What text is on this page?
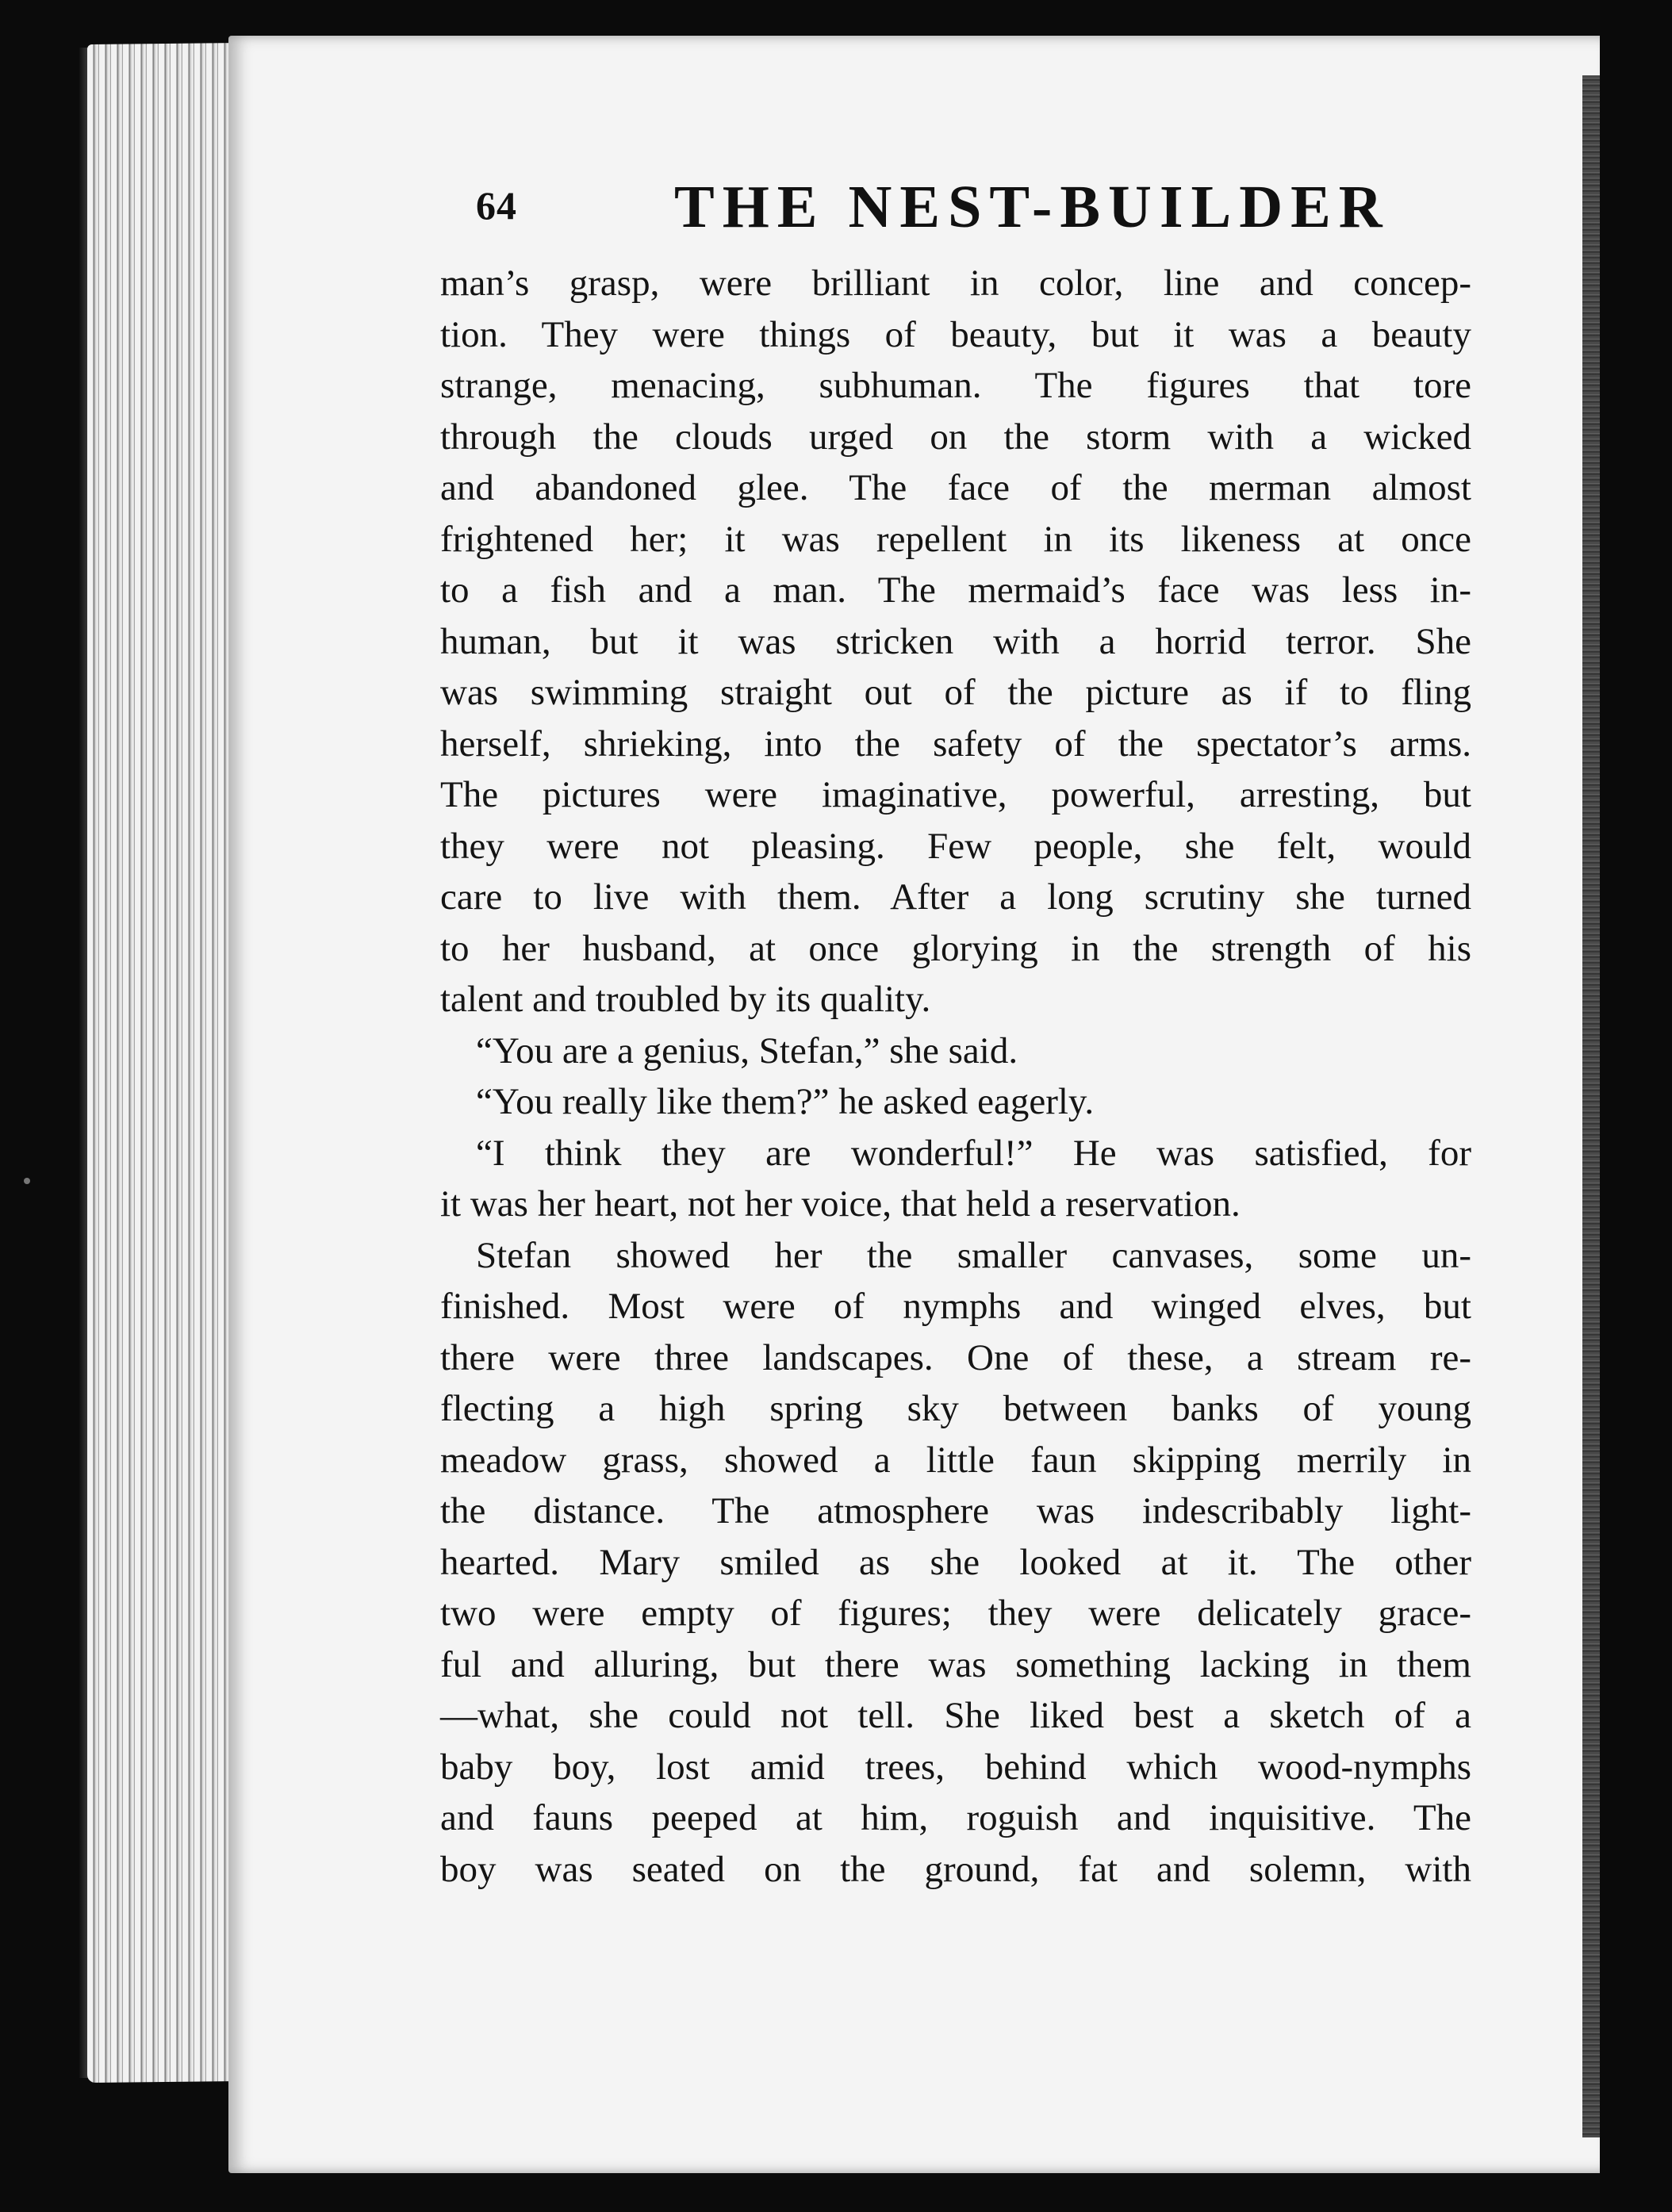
64	THE NEST-BUILDER
man’s grasp, were brilliant in color, line and concep-
tion. They were things of beauty, but it was a beauty
strange, menacing, subhuman. The figures that tore
through the clouds urged on the storm with a wicked
and abandoned glee. The face of the merman almost
frightened her; it was repellent in its likeness at once
to a fish and a man. The mermaid’s face was less in-
human, but it was stricken with a horrid terror. She
was swimming straight out of the picture as if to fling
herself, shrieking, into the safety of the spectator’s arms.
The pictures were imaginative, powerful, arresting, but
they were not pleasing. Few people, she felt, would
care to live with them. After a long scrutiny she turned
to her husband, at once glorying in the strength of his
talent and troubled by its quality.
“You are a genius, Stefan,” she said.
“You really like them?” he asked eagerly.
“I think they are wonderful!” He was satisfied, for
it was her heart, not her voice, that held a reservation.
Stefan showed her the smaller canvases, some un-
finished. Most were of nymphs and winged elves, but
there were three landscapes. One of these, a stream re-
flecting a high spring sky between banks of young
meadow grass, showed a little faun skipping merrily in
the distance. The atmosphere was indescribably light-
hearted. Mary smiled as she looked at it. The other
two were empty of figures; they were delicately grace-
ful and alluring, but there was something lacking in them
—what, she could not tell. She liked best a sketch of a
baby boy, lost amid trees, behind which wood-nymphs
and fauns peeped at him, roguish and inquisitive. The
boy was seated on the ground, fat and solemn, with
